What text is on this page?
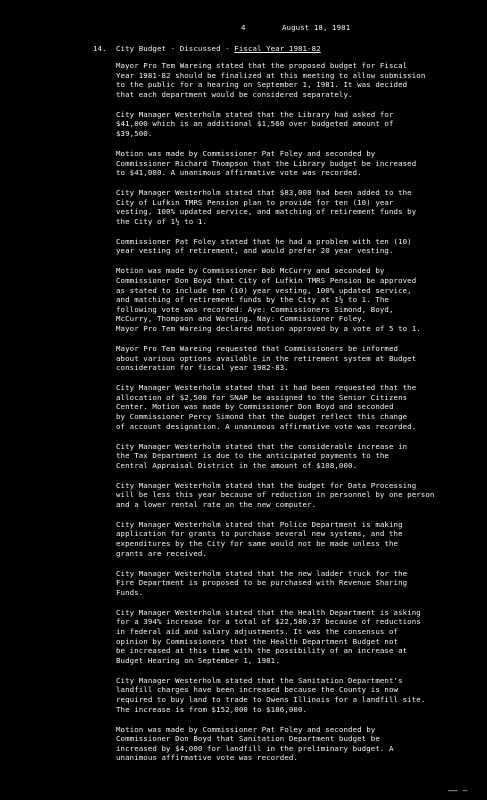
4	August 18, 1981
14. City Budget - Discussed - Fiscal Year 1981-82

Mayor Pro Tem Wareing stated that the proposed budget for Fiscal
Year 1981-82 should be finalized at this meeting to allow submission
to the public for a hearing on September 1, 1981. It was decided
that each department would be considered separately.

City Manager Westerholm stated that the Library had asked for
$41,000 which is an additional $1,560 over budgeted amount of
$39,500.

Motion was made by Commissioner Pat Foley and seconded by
Commissioner Richard Thompson that the Library budget be increased
to $41,000. A unanimous affirmative vote was recorded.

City Manager Westerholm stated that $83,000 had been added to the
City of Lufkin TMRS Pension plan to provide for ten (10) year
vesting, 100% updated service, and matching of retirement funds by
the City of 1½ to 1.

Commissioner Pat Foley stated that he had a problem with ten (10)
year vesting of retirement, and would prefer 20 year vesting.

Motion was made by Commissioner Bob McCurry and seconded by
Commissioner Don Boyd that City of Lufkin TMRS Pension be approved
as stated to include ten (10) year vesting, 100% updated service,
and matching of retirement funds by the City at 1½ to 1. The
following vote was recorded: Aye: Commissioners Simond, Boyd,
McCurry, Thompson and Wareing. Nay: Commissioner Foley.
Mayor Pro Tem Wareing declared motion approved by a vote of 5 to 1.

Mayor Pro Tem Wareing requested that Commissioners be informed
about various options available in the retirement system at Budget
consideration for fiscal year 1982-83.

City Manager Westerholm stated that it had been requested that the
allocation of $2,500 for SNAP be assigned to the Senior Citizens
Center. Motion was made by Commissioner Don Boyd and seconded
by Commissioner Percy Simond that the budget reflect this change
of account designation. A unanimous affirmative vote was recorded.

City Manager Westerholm stated that the considerable increase in
the Tax Department is due to the anticipated payments to the
Central Appraisal District in the amount of $108,000.

City Manager Westerholm stated that the budget for Data Processing
will be less this year because of reduction in personnel by one person
and a lower rental rate on the new computer.

City Manager Westerholm stated that Police Department is making
application for grants to purchase several new systems, and the
expenditures by the City for same would not be made unless the
grants are received.

City Manager Westerholm stated that the new ladder truck for the
Fire Department is proposed to be purchased with Revenue Sharing
Funds.

City Manager Westerholm stated that the Health Department is asking
for a 394% increase for a total of $22,580.37 because of reductions
in federal aid and salary adjustments. It was the consensus of
opinion by Commissioners that the Health Department Budget not
be increased at this time with the possibility of an increase at
Budget Hearing on September 1, 1981.

City Manager Westerholm stated that the Sanitation Department's
landfill charges have been increased because the County is now
required to buy land to trade to Owens Illinois for a landfill site.
The increase is from $152,000 to $186,000.

Motion was made by Commissioner Pat Foley and seconded by
Commissioner Don Boyd that Sanitation Department budget be
increased by $4,000 for landfill in the preliminary budget. A
unanimous affirmative vote was recorded.

‒‒ ‒
